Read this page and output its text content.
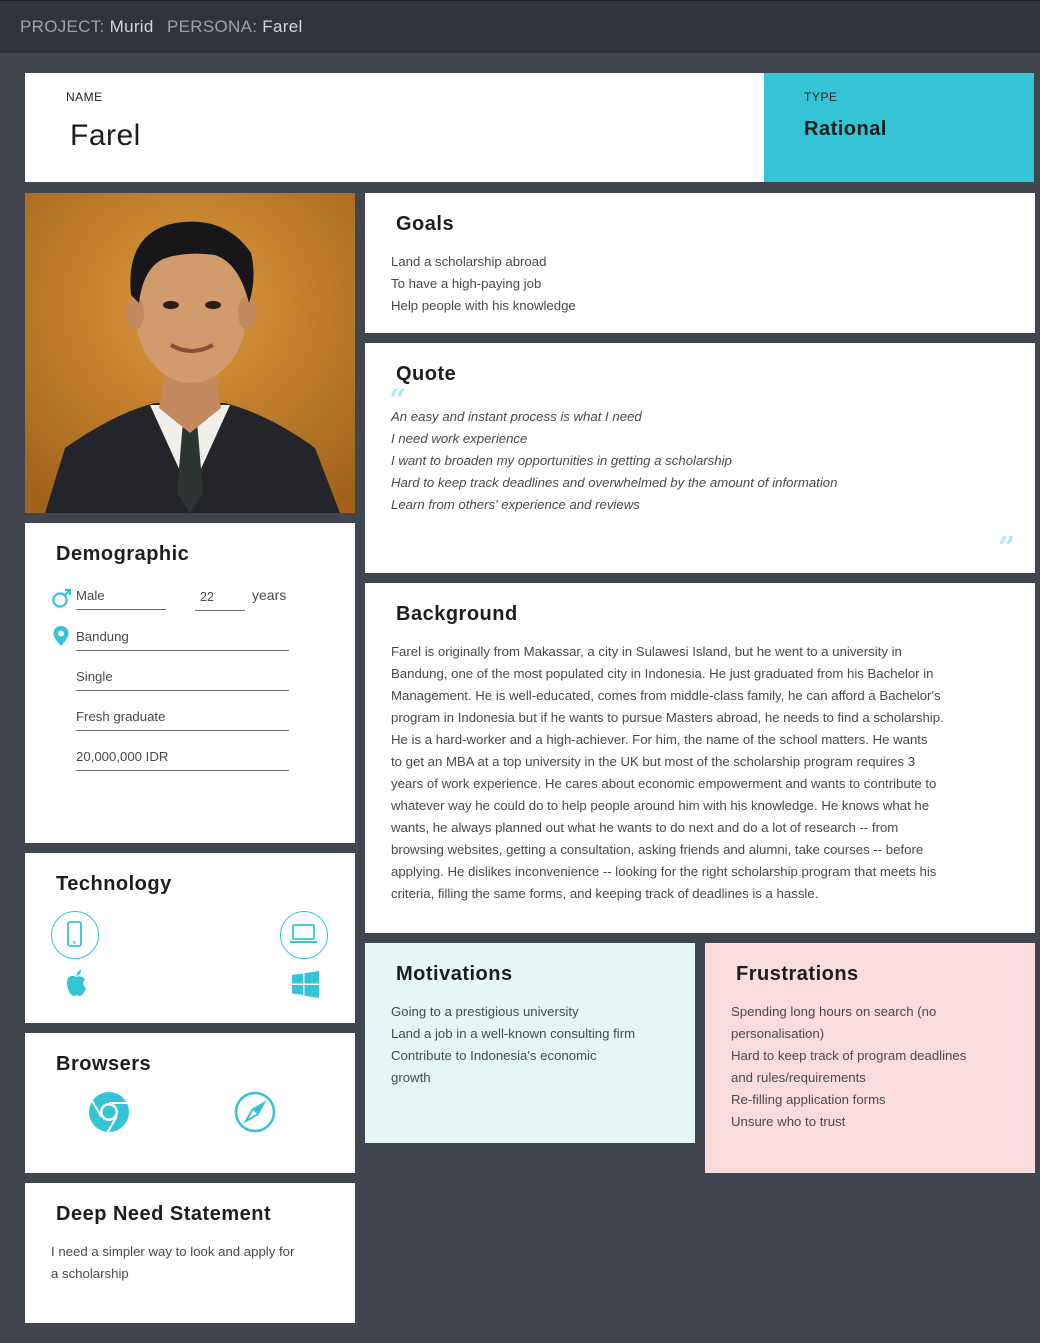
PROJECT: Murid PERSONA: Farel
NAME
Farel
TYPE
Rational
Demographic
Male	22	years
Bandung
Single
Fresh graduate
20,000,000 IDR
Technology
Browsers
Deep Need Statement
I need a simpler way to look and apply for
a scholarship
Goals
Land a scholarship abroad
To have a high-paying job
Help people with his knowledge
Quote
“
An easy and instant process is what I need
I need work experience
I want to broaden my opportunities in getting a scholarship
Hard to keep track deadlines and overwhelmed by the amount of information
Learn from others' experience and reviews
”
Background
Farel is originally from Makassar, a city in Sulawesi Island, but he went to a university in
Bandung, one of the most populated city in Indonesia. He just graduated from his Bachelor in
Management. He is well-educated, comes from middle-class family, he can afford a Bachelor's
program in Indonesia but if he wants to pursue Masters abroad, he needs to find a scholarship.
He is a hard-worker and a high-achiever. For him, the name of the school matters. He wants
to get an MBA at a top university in the UK but most of the scholarship program requires 3
years of work experience. He cares about economic empowerment and wants to contribute to
whatever way he could do to help people around him with his knowledge. He knows what he
wants, he always planned out what he wants to do next and do a lot of research -- from
browsing websites, getting a consultation, asking friends and alumni, take courses -- before
applying. He dislikes inconvenience -- looking for the right scholarship program that meets his
criteria, filling the same forms, and keeping track of deadlines is a hassle.
Motivations
Going to a prestigious university
Land a job in a well-known consulting firm
Contribute to Indonesia's economic
growth
Frustrations
Spending long hours on search (no
personalisation)
Hard to keep track of program deadlines
and rules/requirements
Re-filling application forms
Unsure who to trust
